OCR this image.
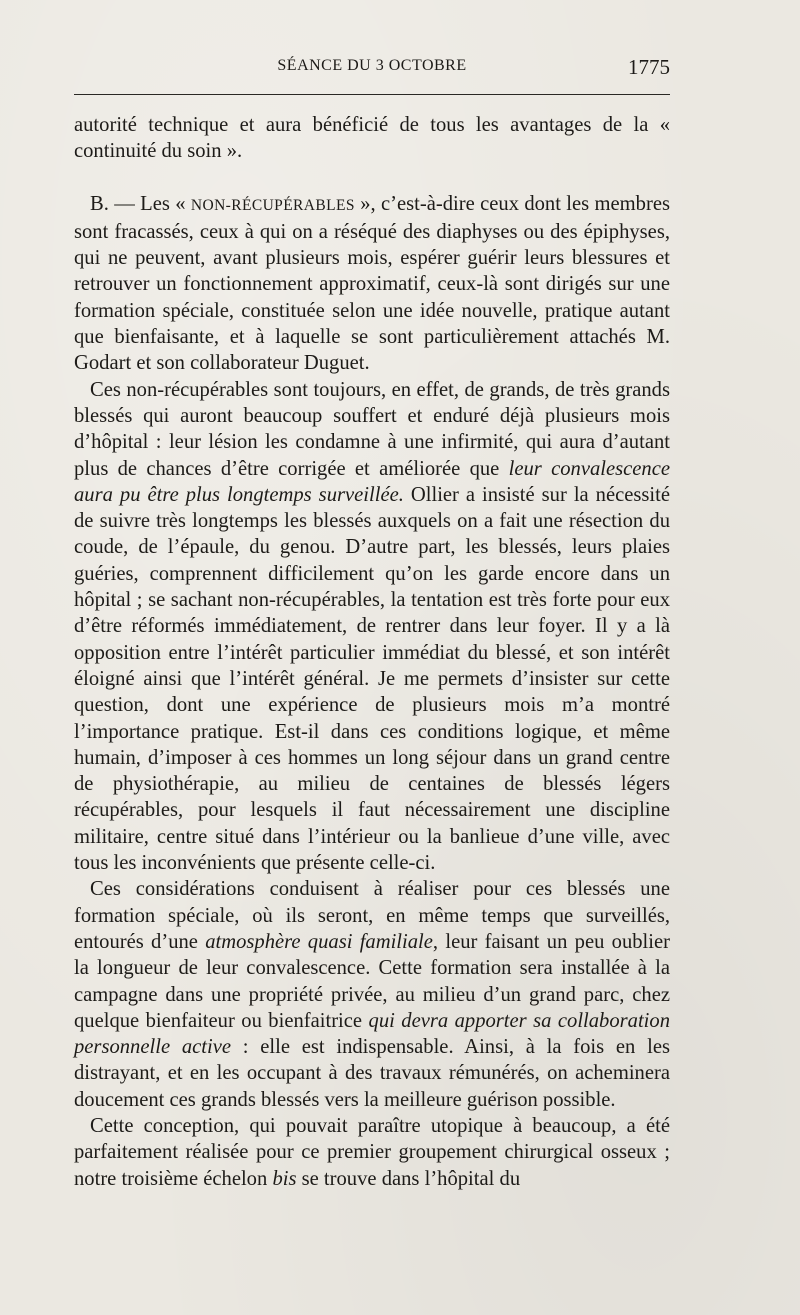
SÉANCE DU 3 OCTOBRE	1775

autorité technique et aura bénéficié de tous les avantages de la « continuité du soin ».

B. — Les « NON-RÉCUPÉRABLES », c’est-à-dire ceux dont les membres sont fracassés, ceux à qui on a réséqué des diaphyses ou des épiphyses, qui ne peuvent, avant plusieurs mois, espérer guérir leurs blessures et retrouver un fonctionnement approximatif, ceux-là sont dirigés sur une formation spéciale, constituée selon une idée nouvelle, pratique autant que bienfaisante, et à laquelle se sont particulièrement attachés M. Godart et son collaborateur Duguet.

Ces non-récupérables sont toujours, en effet, de grands, de très grands blessés qui auront beaucoup souffert et enduré déjà plusieurs mois d’hôpital : leur lésion les condamne à une infirmité, qui aura d’autant plus de chances d’être corrigée et améliorée que leur convalescence aura pu être plus longtemps surveillée. Ollier a insisté sur la nécessité de suivre très longtemps les blessés auxquels on a fait une résection du coude, de l’épaule, du genou. D’autre part, les blessés, leurs plaies guéries, comprennent difficilement qu’on les garde encore dans un hôpital ; se sachant non-récupérables, la tentation est très forte pour eux d’être réformés immédiatement, de rentrer dans leur foyer. Il y a là opposition entre l’intérêt particulier immédiat du blessé, et son intérêt éloigné ainsi que l’intérêt général. Je me permets d’insister sur cette question, dont une expérience de plusieurs mois m’a montré l’importance pratique. Est-il dans ces conditions logique, et même humain, d’imposer à ces hommes un long séjour dans un grand centre de physiothérapie, au milieu de centaines de blessés légers récupérables, pour lesquels il faut nécessairement une discipline militaire, centre situé dans l’intérieur ou la banlieue d’une ville, avec tous les inconvénients que présente celle-ci.

Ces considérations conduisent à réaliser pour ces blessés une formation spéciale, où ils seront, en même temps que surveillés, entourés d’une atmosphère quasi familiale, leur faisant un peu oublier la longueur de leur convalescence. Cette formation sera installée à la campagne dans une propriété privée, au milieu d’un grand parc, chez quelque bienfaiteur ou bienfaitrice qui devra apporter sa collaboration personnelle active : elle est indispensable. Ainsi, à la fois en les distrayant, et en les occupant à des travaux rémunérés, on acheminera doucement ces grands blessés vers la meilleure guérison possible.

Cette conception, qui pouvait paraître utopique à beaucoup, a été parfaitement réalisée pour ce premier groupement chirurgical osseux ; notre troisième échelon bis se trouve dans l’hôpital du
